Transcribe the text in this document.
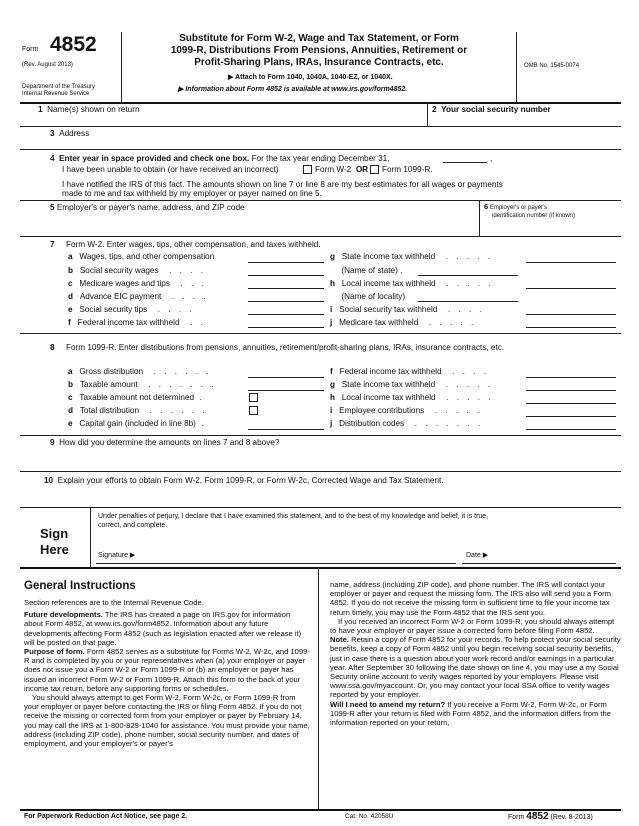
Form 4852
(Rev. August 2013)
Department of the Treasury
Internal Revenue Service
Substitute for Form W-2, Wage and Tax Statement, or Form
1099-R, Distributions From Pensions, Annuities, Retirement or
Profit-Sharing Plans, IRAs, Insurance Contracts, etc.
▶ Attach to Form 1040, 1040A, 1040-EZ, or 1040X.
▶ Information about Form 4852 is available at www.irs.gov/form4852.
OMB No. 1545-0074
1 Name(s) shown on return	2 Your social security number
3 Address
4 Enter year in space provided and check one box. For the tax year ending December 31,	,
I have been unable to obtain (or have received an incorrect)	Form W-2 OR Form 1099-R.
I have notified the IRS of this fact. The amounts shown on line 7 or line 8 are my best estimates for all wages or payments
made to me and tax withheld by my employer or payer named on line 5.
5 Employer's or payer's name, address, and ZIP code	6 Employer's or payer's
identification number (if known)
7 Form W-2. Enter wages, tips, other compensation, and taxes withheld.
a Wages, tips, and other compensation
b Social security wages  . . . .
c Medicare wages and tips  . . .
d Advance EIC payment  . . . .
e Social security tips  . . . .
f Federal income tax withheld  . .
g State income tax withheld  . . . . .
(Name of state) .
h Local income tax withheld  . . . . .
(Name of locality)
i Social security tax withheld  . . . .
j Medicare tax withheld  . . . . .
8 Form 1099-R. Enter distributions from pensions, annuities, retirement/profit-sharing plans, IRAs, insurance contracts, etc.
a Gross distribution  . . . . . .
b Taxable amount  . . . . . . .
c Taxable amount not determined .
d Total distribution  . . . . . .
e Capital gain (included in line 8b) .
f Federal income tax withheld  . . . .
g State income tax withheld  . . . . .
h Local income tax withheld  . . . . .
i Employee contributions  . . . . .
j Distribution codes  . . . . . . .
9 How did you determine the amounts on lines 7 and 8 above?
10 Explain your efforts to obtain Form W-2, Form 1099-R, or Form W-2c, Corrected Wage and Tax Statement.
Sign
Here
Under penalties of perjury, I declare that I have examined this statement, and to the best of my knowledge and belief, it is true,
correct, and complete.
Signature ▶	Date ▶
General Instructions

Section references are to the Internal Revenue Code.

Future developments. The IRS has created a page on IRS.gov for information about Form 4852, at www.irs.gov/form4852. Information about any future developments affecting Form 4852 (such as legislation enacted after we release it) will be posted on that page.

Purpose of form. Form 4852 serves as a substitute for Forms W-2, W-2c, and 1099-R and is completed by you or your representatives when (a) your employer or payer does not issue you a Form W-2 or Form 1099-R or (b) an employer or payer has issued an incorrect Form W-2 or Form 1099-R. Attach this form to the back of your income tax return, before any supporting forms or schedules.

You should always attempt to get Form W-2, Form W-2c, or Form 1099-R from your employer or payer before contacting the IRS or filing Form 4852. If you do not receive the missing or corrected form from your employer or payer by February 14, you may call the IRS at 1-800-829-1040 for assistance. You must provide your name, address (including ZIP code), phone number, social security number, and dates of employment, and your employer's or payer's

name, address (including ZIP code), and phone number. The IRS will contact your employer or payer and request the missing form. The IRS also will send you a Form 4852. If you do not receive the missing form in sufficient time to file your income tax return timely, you may use the Form 4852 that the IRS sent you.

If you received an incorrect Form W-2 or Form 1099-R, you should always attempt to have your employer or payer issue a corrected form before filing Form 4852.

Note. Retain a copy of Form 4852 for your records. To help protect your social security benefits, keep a copy of Form 4852 until you begin receiving social security benefits, just in case there is a question about your work record and/or earnings in a particular year. After September 30 following the date shown on line 4, you may use a my Social Security online account to verify wages reported by your employers. Please visit www.ssa.gov/myaccount. Or, you may contact your local SSA office to verify wages reported by your employer.

Will I need to amend my return? If you receive a Form W-2, Form W-2c, or Form 1099-R after your return is filed with Form 4852, and the information differs from the information reported on your return,

For Paperwork Reduction Act Notice, see page 2.	Cat. No. 42058U	Form 4852 (Rev. 8-2013)
